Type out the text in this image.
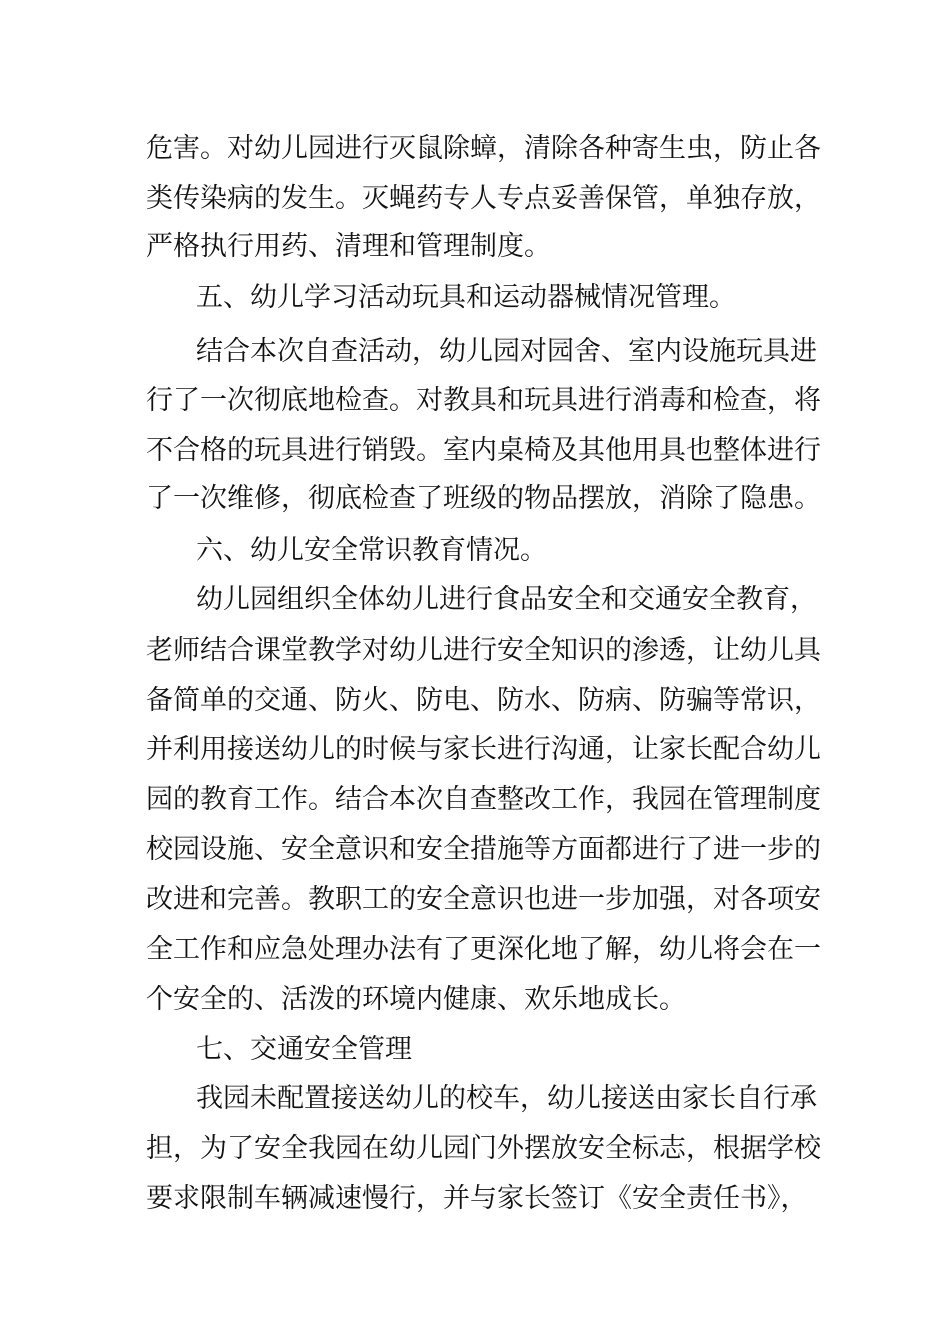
危害。对幼儿园进行灭鼠除蟑，清除各种寄生虫，防止各
类传染病的发生。灭蝇药专人专点妥善保管，单独存放，
严格执行用药、清理和管理制度。
五、幼儿学习活动玩具和运动器械情况管理。
结合本次自查活动，幼儿园对园舍、室内设施玩具进
行了一次彻底地检查。对教具和玩具进行消毒和检查，将
不合格的玩具进行销毁。室内桌椅及其他用具也整体进行
了一次维修，彻底检查了班级的物品摆放，消除了隐患。
六、幼儿安全常识教育情况。
幼儿园组织全体幼儿进行食品安全和交通安全教育，
老师结合课堂教学对幼儿进行安全知识的渗透，让幼儿具
备简单的交通、防火、防电、防水、防病、防骗等常识，
并利用接送幼儿的时候与家长进行沟通，让家长配合幼儿
园的教育工作。结合本次自查整改工作，我园在管理制度
校园设施、安全意识和安全措施等方面都进行了进一步的
改进和完善。教职工的安全意识也进一步加强，对各项安
全工作和应急处理办法有了更深化地了解，幼儿将会在一
个安全的、活泼的环境内健康、欢乐地成长。
七、交通安全管理
我园未配置接送幼儿的校车，幼儿接送由家长自行承
担，为了安全我园在幼儿园门外摆放安全标志，根据学校
要求限制车辆减速慢行，并与家长签订《安全责任书》，
